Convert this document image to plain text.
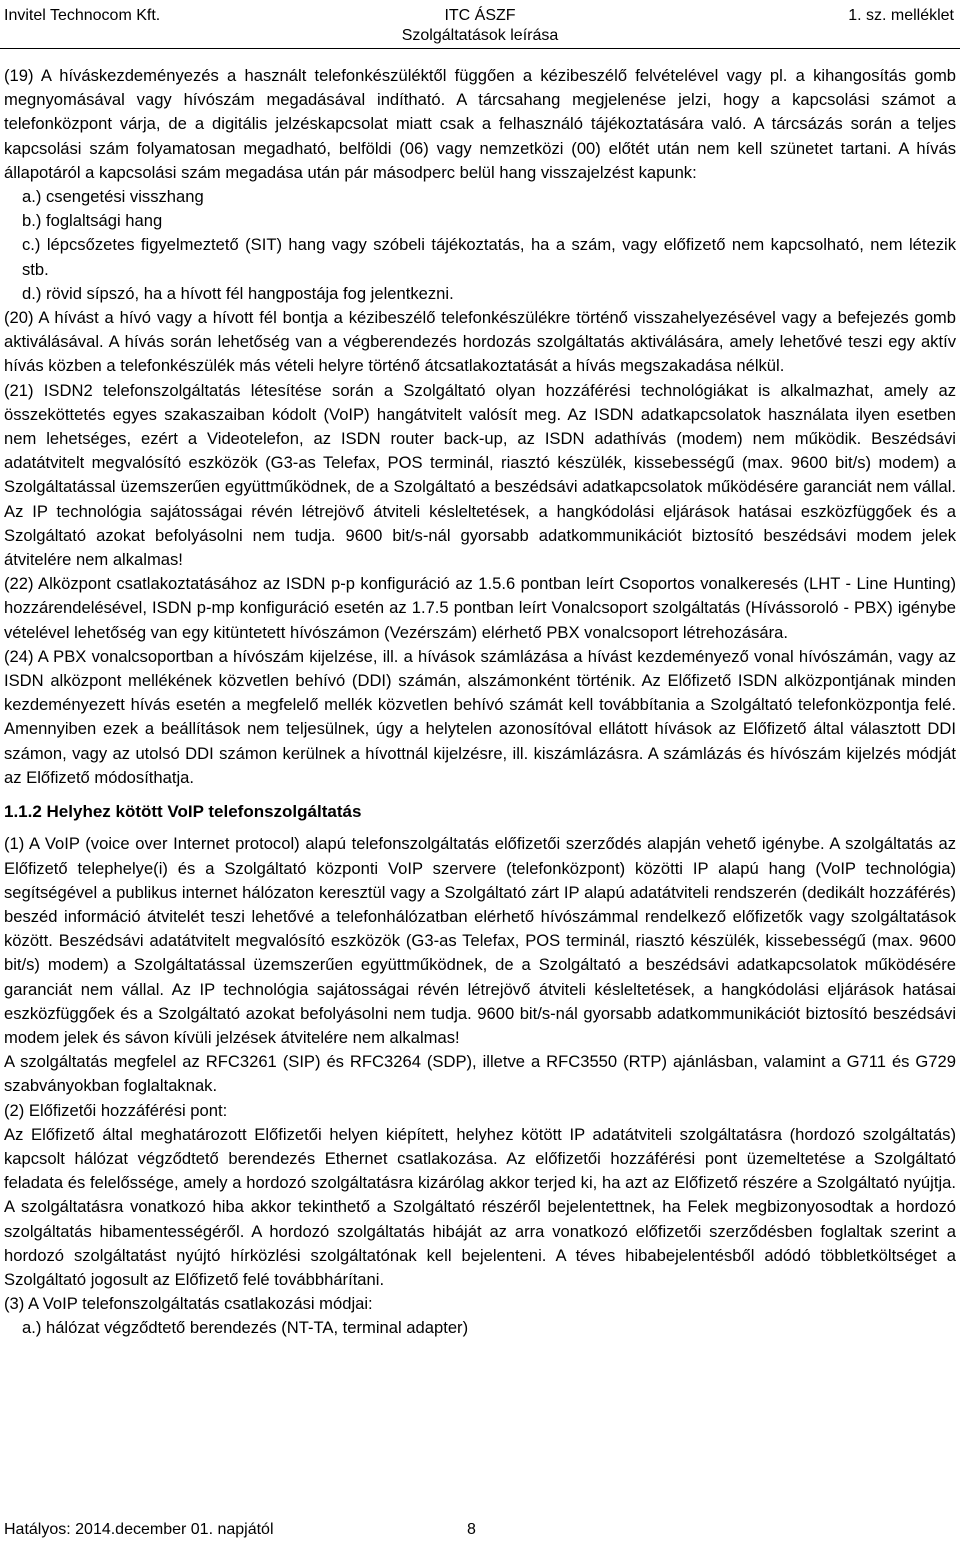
Invitel Technocom Kft.	ITC ÁSZF
Szolgáltatások leírása
1. sz. melléklet

(19) A híváskezdeményezés a használt telefonkészüléktől függően a kézibeszélő felvételével vagy pl. a kihangosítás gomb megnyomásával vagy hívószám megadásával indítható. A tárcsahang megjelenése jelzi, hogy a kapcsolási számot a telefonközpont várja, de a digitális jelzéskapcsolat miatt csak a felhasználó tájékoztatására való. A tárcsázás során a teljes kapcsolási szám folyamatosan megadható, belföldi (06) vagy nemzetközi (00) előtét után nem kell szünetet tartani. A hívás állapotáról a kapcsolási szám megadása után pár másodperc belül hang visszajelzést kapunk:

a.) csengetési visszhang

b.) foglaltsági hang

c.) lépcsőzetes figyelmeztető (SIT) hang vagy szóbeli tájékoztatás, ha a szám, vagy előfizető nem kapcsolható, nem létezik stb.

d.) rövid sípszó, ha a hívott fél hangpostája fog jelentkezni.

(20) A hívást a hívó vagy a hívott fél bontja a kézibeszélő telefonkészülékre történő visszahelyezésével vagy a befejezés gomb aktiválásával. A hívás során lehetőség van a végberendezés hordozás szolgáltatás aktiválására, amely lehetővé teszi egy aktív hívás közben a telefonkészülék más vételi helyre történő átcsatlakoztatását a hívás megszakadása nélkül.

(21) ISDN2 telefonszolgáltatás létesítése során a Szolgáltató olyan hozzáférési technológiákat is alkalmazhat, amely az összeköttetés egyes szakaszaiban kódolt (VoIP) hangátvitelt valósít meg. Az ISDN adatkapcsolatok használata ilyen esetben nem lehetséges, ezért a Videotelefon, az ISDN router back-up, az ISDN adathívás (modem) nem működik. Beszédsávi adatátvitelt megvalósító eszközök (G3-as Telefax, POS terminál, riasztó készülék, kissebességű (max. 9600 bit/s) modem) a Szolgáltatással üzemszerűen együttműködnek, de a Szolgáltató a beszédsávi adatkapcsolatok működésére garanciát nem vállal. Az IP technológia sajátosságai révén létrejövő átviteli késleltetések, a hangkódolási eljárások hatásai eszközfüggőek és a Szolgáltató azokat befolyásolni nem tudja. 9600 bit/s-nál gyorsabb adatkommunikációt biztosító beszédsávi modem jelek átvitelére nem alkalmas!

(22) Alközpont csatlakoztatásához az ISDN p-p konfiguráció az 1.5.6 pontban leírt Csoportos vonalkeresés (LHT - Line Hunting) hozzárendelésével, ISDN p-mp konfiguráció esetén az 1.7.5 pontban leírt Vonalcsoport szolgáltatás (Hívássoroló - PBX) igénybe vételével lehetőség van egy kitüntetett hívószámon (Vezérszám) elérhető PBX vonalcsoport létrehozására.

(24) A PBX vonalcsoportban a hívószám kijelzése, ill. a hívások számlázása a hívást kezdeményező vonal hívószámán, vagy az ISDN alközpont mellékének közvetlen behívó (DDI) számán, alszámonként történik. Az Előfizető ISDN alközpontjának minden kezdeményezett hívás esetén a megfelelő mellék közvetlen behívó számát kell továbbítania a Szolgáltató telefonközpontja felé. Amennyiben ezek a beállítások nem teljesülnek, úgy a helytelen azonosítóval ellátott hívások az Előfizető által választott DDI számon, vagy az utolsó DDI számon kerülnek a hívottnál kijelzésre, ill. kiszámlázásra. A számlázás és hívószám kijelzés módját az Előfizető módosíthatja.

1.1.2 Helyhez kötött VoIP telefonszolgáltatás

(1) A VoIP (voice over Internet protocol) alapú telefonszolgáltatás előfizetői szerződés alapján vehető igénybe. A szolgáltatás az Előfizető telephelye(i) és a Szolgáltató központi VoIP szervere (telefonközpont) közötti IP alapú hang (VoIP technológia) segítségével a publikus internet hálózaton keresztül vagy a Szolgáltató zárt IP alapú adatátviteli rendszerén (dedikált hozzáférés) beszéd információ átvitelét teszi lehetővé a telefonhálózatban elérhető hívószámmal rendelkező előfizetők vagy szolgáltatások között. Beszédsávi adatátvitelt megvalósító eszközök (G3-as Telefax, POS terminál, riasztó készülék, kissebességű (max. 9600 bit/s) modem) a Szolgáltatással üzemszerűen együttműködnek, de a Szolgáltató a beszédsávi adatkapcsolatok működésére garanciát nem vállal. Az IP technológia sajátosságai révén létrejövő átviteli késleltetések, a hangkódolási eljárások hatásai eszközfüggőek és a Szolgáltató azokat befolyásolni nem tudja. 9600 bit/s-nál gyorsabb adatkommunikációt biztosító beszédsávi modem jelek és sávon kívüli jelzések átvitelére nem alkalmas!

A szolgáltatás megfelel az RFC3261 (SIP) és RFC3264 (SDP), illetve a RFC3550 (RTP) ajánlásban, valamint a G711 és G729 szabványokban foglaltaknak.

(2) Előfizetői hozzáférési pont:

Az Előfizető által meghatározott Előfizetői helyen kiépített, helyhez kötött IP adatátviteli szolgáltatásra (hordozó szolgáltatás) kapcsolt hálózat végződtető berendezés Ethernet csatlakozása. Az előfizetői hozzáférési pont üzemeltetése a Szolgáltató feladata és felelőssége, amely a hordozó szolgáltatásra kizárólag akkor terjed ki, ha azt az Előfizető részére a Szolgáltató nyújtja. A szolgáltatásra vonatkozó hiba akkor tekinthető a Szolgáltató részéről bejelentettnek, ha Felek megbizonyosodtak a hordozó szolgáltatás hibamentességéről. A hordozó szolgáltatás hibáját az arra vonatkozó előfizetői szerződésben foglaltak szerint a hordozó szolgáltatást nyújtó hírközlési szolgáltatónak kell bejelenteni. A téves hibabejelentésből adódó többletköltséget a Szolgáltató jogosult az Előfizető felé továbbhárítani.

(3) A VoIP telefonszolgáltatás csatlakozási módjai:

a.) hálózat végződtető berendezés (NT-TA, terminal adapter)

Hatályos: 2014.december 01. napjától	8
